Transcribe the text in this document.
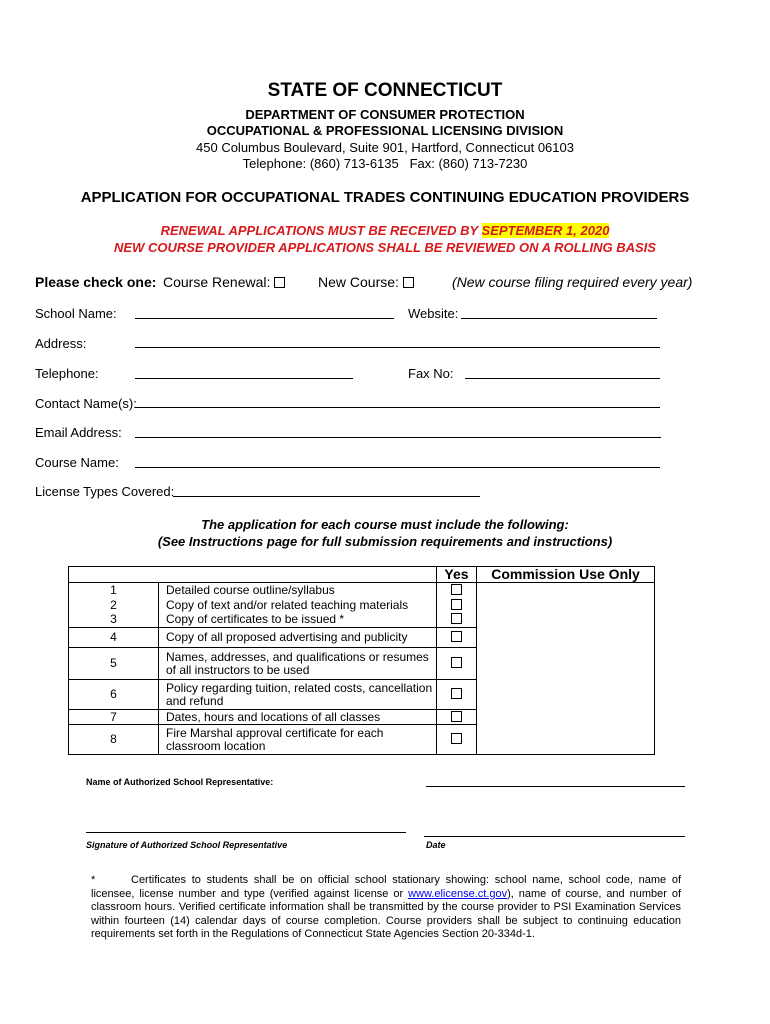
STATE OF CONNECTICUT
DEPARTMENT OF CONSUMER PROTECTION
OCCUPATIONAL & PROFESSIONAL LICENSING DIVISION
450 Columbus Boulevard, Suite 901, Hartford, Connecticut 06103
Telephone: (860) 713-6135   Fax: (860) 713-7230
APPLICATION FOR OCCUPATIONAL TRADES CONTINUING EDUCATION PROVIDERS
RENEWAL APPLICATIONS MUST BE RECEIVED BY SEPTEMBER 1, 2020
NEW COURSE PROVIDER APPLICATIONS SHALL BE REVIEWED ON A ROLLING BASIS
Please check one: Course Renewal:	New Course:	(New course filing required every year)
School Name:	Website:
Address:
Telephone:	Fax No:
Contact Name(s):
Email Address:
Course Name:
License Types Covered:
The application for each course must include the following:
(See Instructions page for full submission requirements and instructions)
		Yes	Commission Use Only
1	Detailed course outline/syllabus		
2	Copy of text and/or related teaching materials		
3	Copy of certificates to be issued *		
4	Copy of all proposed advertising and publicity		
5	Names, addresses, and qualifications or resumes of all instructors to be used		
6	Policy regarding tuition, related costs, cancellation and refund		
7	Dates, hours and locations of all classes		
8	Fire Marshal approval certificate for each classroom location		
Name of Authorized School Representative:
Signature of Authorized School Representative	Date
*	Certificates to students shall be on official school stationary showing: school name, school code, name of licensee, license number and type (verified against license or www.elicense.ct.gov), name of course, and number of classroom hours. Verified certificate information shall be transmitted by the course provider to PSI Examination Services within fourteen (14) calendar days of course completion. Course providers shall be subject to continuing education requirements set forth in the Regulations of Connecticut State Agencies Section 20-334d-1.
